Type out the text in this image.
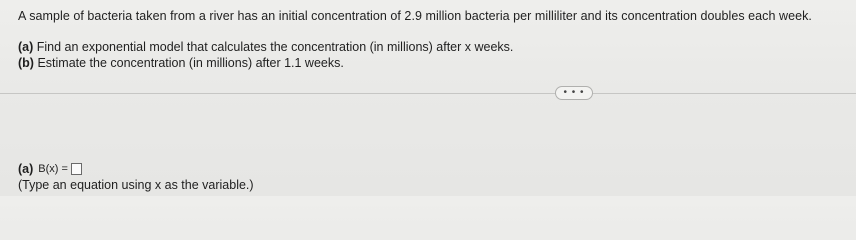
A sample of bacteria taken from a river has an initial concentration of 2.9 million bacteria per milliliter and its concentration doubles each week.
(a) Find an exponential model that calculates the concentration (in millions) after x weeks.
(b) Estimate the concentration (in millions) after 1.1 weeks.
• • •
(a) B(x) =
(Type an equation using x as the variable.)
